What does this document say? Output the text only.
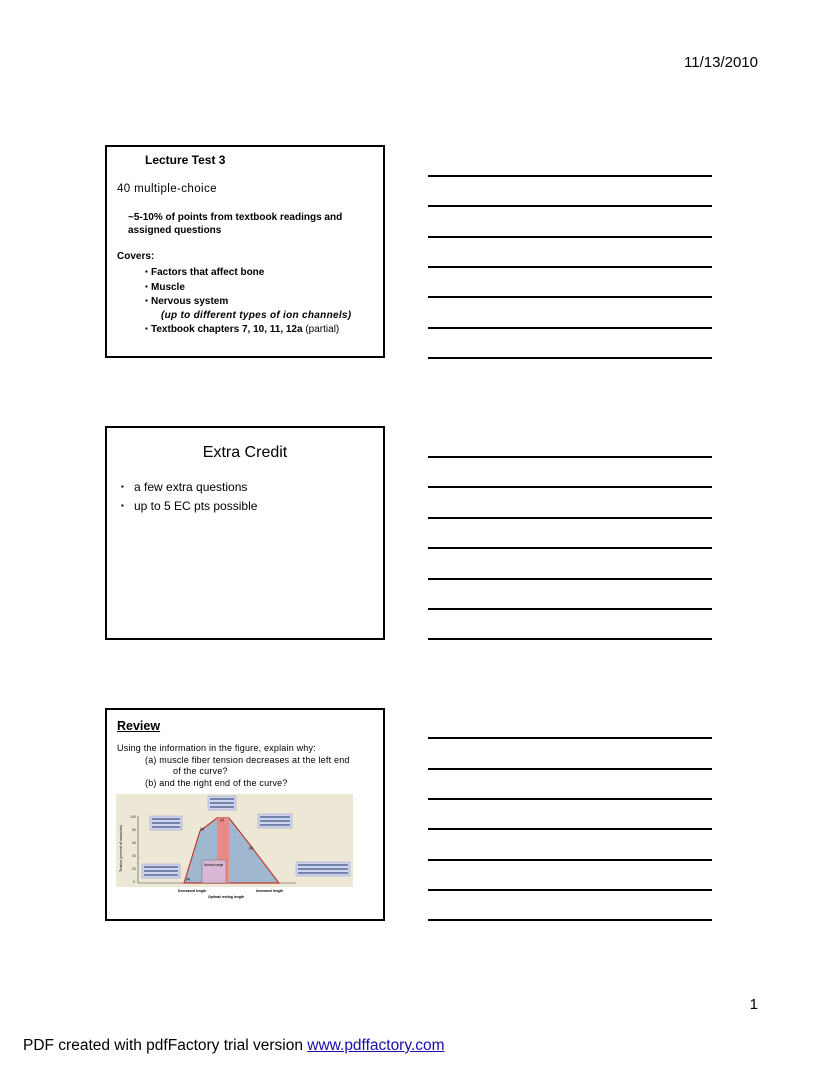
11/13/2010
Lecture Test 3
40 multiple-choice
~5-10% of points from textbook readings and assigned questions
Covers:
▪ Factors that affect bone
▪ Muscle
▪ Nervous system
(up to different types of ion channels)
▪ Textbook chapters 7, 10, 11, 12a (partial)
Extra Credit
▪ a few extra questions
▪ up to 5 EC pts possible
Review
Using the information in the figure, explain why:
(a) muscle fiber tension decreases at the left end
of the curve?
(b) and the right end of the curve?
Tension (percent of maximum)
100
80
60
40
20
0
Normal range
(a)
(b)
(c)
(d)
Decreased length	Increased length
Optimal resting length
1
PDF created with pdfFactory trial version www.pdffactory.com
